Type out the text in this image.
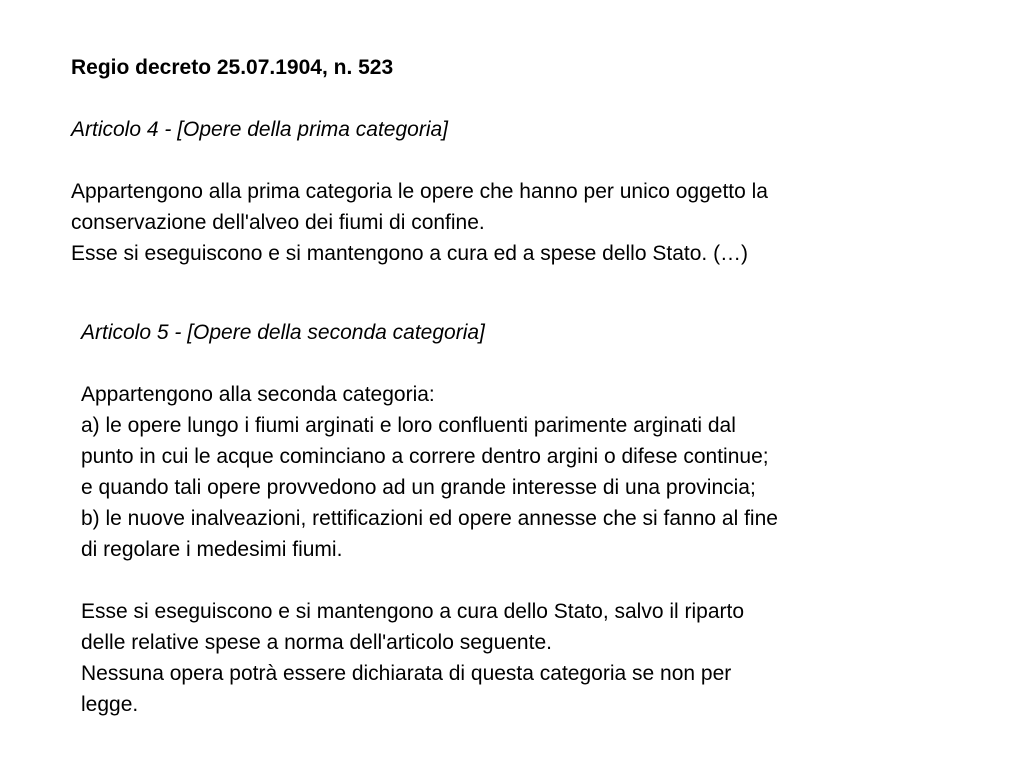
Regio decreto 25.07.1904, n. 523

Articolo 4 - [Opere della prima categoria]

Appartengono alla prima categoria le opere che hanno per unico oggetto la

conservazione dell'alveo dei fiumi di confine.

Esse si eseguiscono e si mantengono a cura ed a spese dello Stato. (…)

Articolo 5 - [Opere della seconda categoria]

Appartengono alla seconda categoria:

a) le opere lungo i fiumi arginati e loro confluenti parimente arginati dal

punto in cui le acque cominciano a correre dentro argini o difese continue;

e quando tali opere provvedono ad un grande interesse di una provincia;

b) le nuove inalveazioni, rettificazioni ed opere annesse che si fanno al fine

di regolare i medesimi fiumi.

Esse si eseguiscono e si mantengono a cura dello Stato, salvo il riparto

delle relative spese a norma dell'articolo seguente.

Nessuna opera potrà essere dichiarata di questa categoria se non per

legge.
